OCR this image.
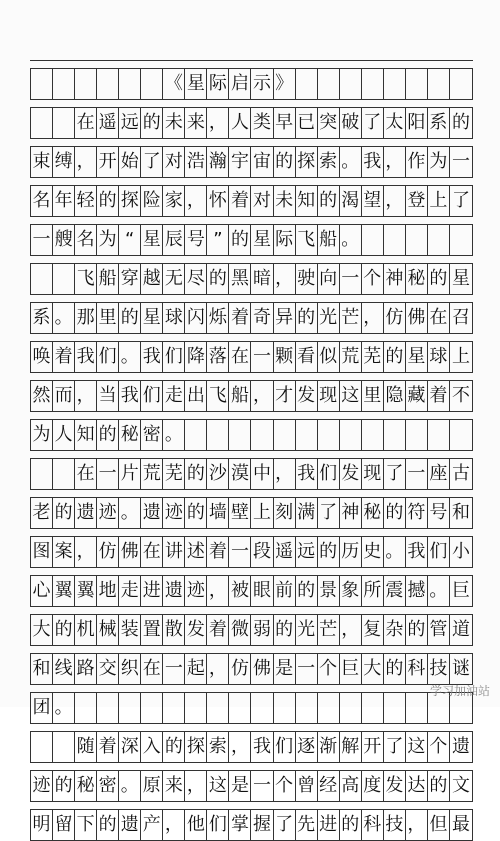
《 星 际 启 示 》
在 遥 远 的 未 来 ， 人 类 早 已 突 破 了 太 阳 系 的
束 缚 ， 开 始 了 对 浩 瀚 宇 宙 的 探 索 。 我 ， 作 为 一
名 年 轻 的 探 险 家 ， 怀 着 对 未 知 的 渴 望 ， 登 上 了
一 艘 名 为 “ 星 辰 号 ” 的 星 际 飞 船 。
飞 船 穿 越 无 尽 的 黑 暗 ， 驶 向 一 个 神 秘 的 星
系 。 那 里 的 星 球 闪 烁 着 奇 异 的 光 芒 ， 仿 佛 在 召
唤 着 我 们 。 我 们 降 落 在 一 颗 看 似 荒 芜 的 星 球 上
然 而 ， 当 我 们 走 出 飞 船 ， 才 发 现 这 里 隐 藏 着 不
为 人 知 的 秘 密 。
在 一 片 荒 芜 的 沙 漠 中 ， 我 们 发 现 了 一 座 古
老 的 遗 迹 。 遗 迹 的 墙 壁 上 刻 满 了 神 秘 的 符 号 和
图 案 ， 仿 佛 在 讲 述 着 一 段 遥 远 的 历 史 。 我 们 小
心 翼 翼 地 走 进 遗 迹 ， 被 眼 前 的 景 象 所 震 撼 。 巨
大 的 机 械 装 置 散 发 着 微 弱 的 光 芒 ， 复 杂 的 管 道
和 线 路 交 织 在 一 起 ， 仿 佛 是 一 个 巨 大 的 科 技 谜
团 。
随 着 深 入 的 探 索 ， 我 们 逐 渐 解 开 了 这 个 遗
迹 的 秘 密 。 原 来 ， 这 是 一 个 曾 经 高 度 发 达 的 文
明 留 下 的 遗 产 ， 他 们 掌 握 了 先 进 的 科 技 ， 但 最
学习加油站
